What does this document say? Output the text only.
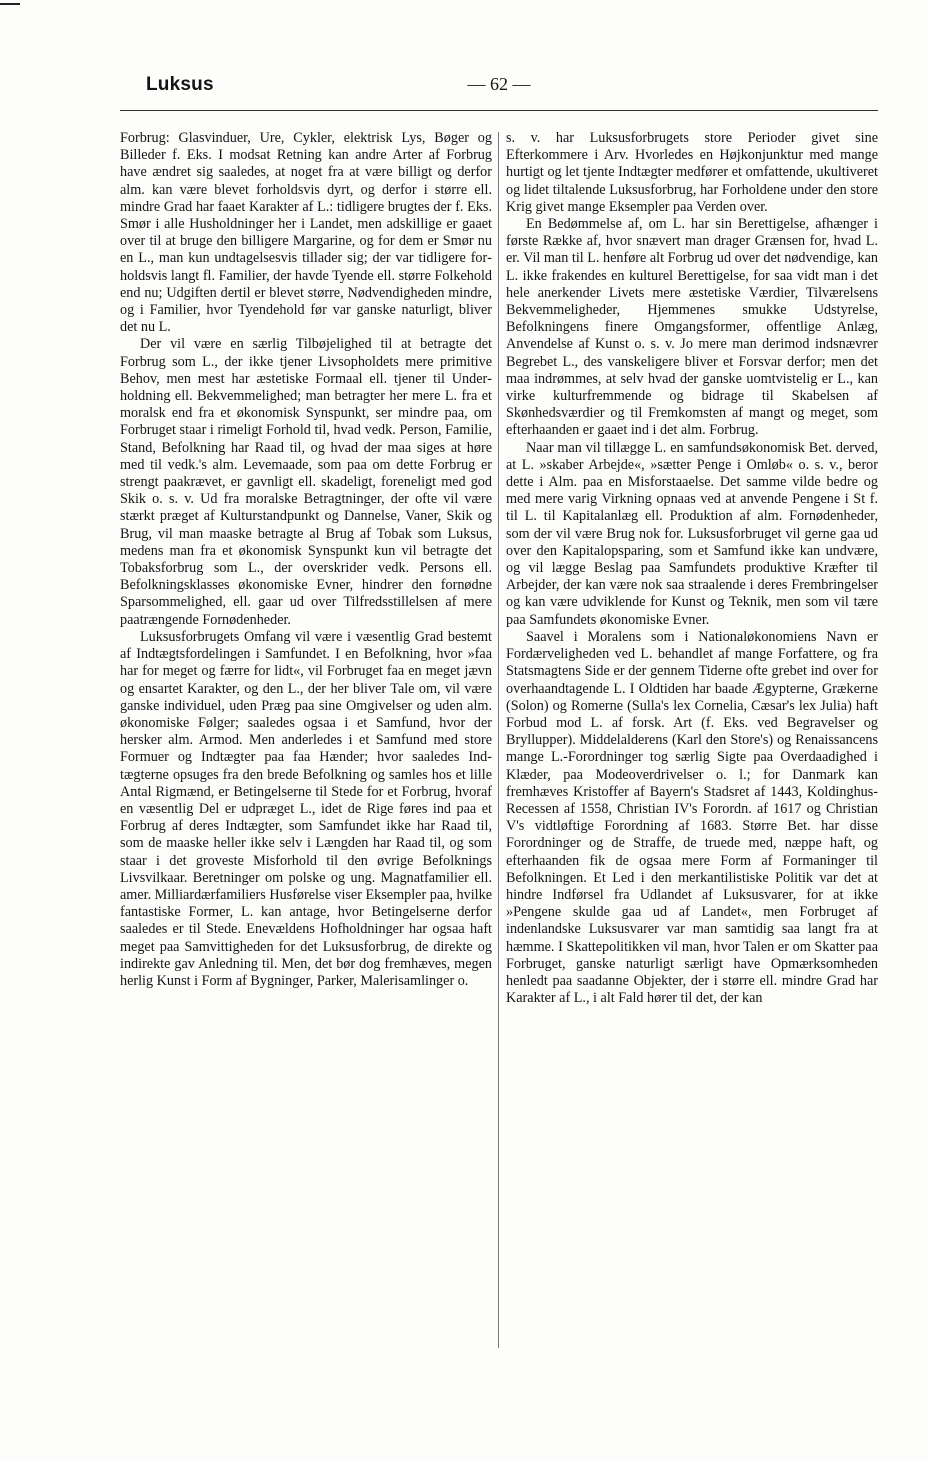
Luksus	— 62 —

Forbrug: Glasvinduer, Ure, Cykler, elektrisk Lys, Bøger og Billeder f. Eks. I modsat Retning kan andre Arter af Forbrug have ændret sig saaledes, at noget fra at være billigt og derfor alm. kan være blevet forholdsvis dyrt, og derfor i større ell. mindre Grad har faaet Karakter af L.: tidligere brugtes der f. Eks. Smør i alle Husholdninger her i Landet, men adskillige er gaaet over til at bruge den billigere Margarine, og for dem er Smør nu en L., man kun undtagelsesvis tillader sig; der var tidligere forholdsvis langt fl. Familier, der havde Tyende ell. større Folkehold end nu; Udgiften dertil er blevet større, Nødvendigheden mindre, og i Familier, hvor Tyendehold før var ganske naturligt, bliver det nu L.

Der vil være en særlig Tilbøjelighed til at betragte det Forbrug som L., der ikke tjener Livsopholdets mere primitive Behov, men mest har æstetiske Formaal ell. tjener til Underholdning ell. Bekvemmelighed; man betragter her mere L. fra et moralsk end fra et økonomisk Synspunkt, ser mindre paa, om Forbruget staar i rimeligt Forhold til, hvad vedk. Person, Familie, Stand, Befolkning har Raad til, og hvad der maa siges at høre med til vedk.'s alm. Levemaade, som paa om dette Forbrug er strengt paakrævet, er gavnligt ell. skadeligt, foreneligt med god Skik o. s. v. Ud fra moralske Betragtninger, der ofte vil være stærkt præget af Kulturstandpunkt og Dannelse, Vaner, Skik og Brug, vil man maaske betragte al Brug af Tobak som Luksus, medens man fra et økonomisk Synspunkt kun vil betragte det Tobaksforbrug som L., der overskrider vedk. Persons ell. Befolkningsklasses økonomiske Evner, hindrer den fornødne Sparsommelighed, ell. gaar ud over Tilfredsstillelsen af mere paatrængende Fornødenheder.

Luksusforbrugets Omfang vil være i væsentlig Grad bestemt af Indtægtsfordelingen i Samfundet. I en Befolkning, hvor »faa har for meget og færre for lidt«, vil Forbruget faa en meget jævn og ensartet Karakter, og den L., der her bliver Tale om, vil være ganske individuel, uden Præg paa sine Omgivelser og uden alm. økonomiske Følger; saaledes ogsaa i et Samfund, hvor der hersker alm. Armod. Men anderledes i et Samfund med store Formuer og Indtægter paa faa Hænder; hvor saaledes Indtægterne opsuges fra den brede Befolkning og samles hos et lille Antal Rigmænd, er Betingelserne til Stede for et Forbrug, hvoraf en væsentlig Del er udpræget L., idet de Rige føres ind paa et Forbrug af deres Indtægter, som Samfundet ikke har Raad til, som de maaske heller ikke selv i Længden har Raad til, og som staar i det groveste Misforhold til den øvrige Befolknings Livsvilkaar. Beretninger om polske og ung. Magnatfamilier ell. amer. Milliardærfamiliers Husførelse viser Eksempler paa, hvilke fantastiske Former, L. kan antage, hvor Betingelserne derfor saaledes er til Stede. Enevældens Hofholdninger har ogsaa haft meget paa Samvittigheden for det Luksusforbrug, de direkte og indirekte gav Anledning til. Men, det bør dog fremhæves, megen herlig Kunst i Form af Bygninger, Parker, Malerisamlinger o.

s. v. har Luksusforbrugets store Perioder givet sine Efterkommere i Arv. Hvorledes en Højkonjunktur med mange hurtigt og let tjente Indtægter medfører et omfattende, ukultiveret og lidet tiltalende Luksusforbrug, har Forholdene under den store Krig givet mange Eksempler paa Verden over.

En Bedømmelse af, om L. har sin Berettigelse, afhænger i første Række af, hvor snævert man drager Grænsen for, hvad L. er. Vil man til L. henføre alt Forbrug ud over det nødvendige, kan L. ikke frakendes en kulturel Berettigelse, for saa vidt man i det hele anerkender Livets mere æstetiske Værdier, Tilværelsens Bekvemmeligheder, Hjemmenes smukke Udstyrelse, Befolkningens finere Omgangsformer, offentlige Anlæg, Anvendelse af Kunst o. s. v. Jo mere man derimod indsnævrer Begrebet L., des vanskeligere bliver et Forsvar derfor; men det maa indrømmes, at selv hvad der ganske uomtvistelig er L., kan virke kulturfremmende og bidrage til Skabelsen af Skønhedsværdier og til Fremkomsten af mangt og meget, som efterhaanden er gaaet ind i det alm. Forbrug.

Naar man vil tillægge L. en samfundsøkonomisk Bet. derved, at L. »skaber Arbejde«, »sætter Penge i Omløb« o. s. v., beror dette i Alm. paa en Misforstaaelse. Det samme vilde bedre og med mere varig Virkning opnaas ved at anvende Pengene i St f. til L. til Kapitalanlæg ell. Produktion af alm. Fornødenheder, som der vil være Brug nok for. Luksusforbruget vil gerne gaa ud over den Kapitalopsparing, som et Samfund ikke kan undvære, og vil lægge Beslag paa Samfundets produktive Kræfter til Arbejder, der kan være nok saa straalende i deres Frembringelser og kan være udviklende for Kunst og Teknik, men som vil tære paa Samfundets økonomiske Evner.

Saavel i Moralens som i Nationaløkonomiens Navn er Fordærveligheden ved L. behandlet af mange Forfattere, og fra Statsmagtens Side er der gennem Tiderne ofte grebet ind over for overhaandtagende L. I Oldtiden har baade Ægypterne, Grækerne (Solon) og Romerne (Sulla's lex Cornelia, Cæsar's lex Julia) haft Forbud mod L. af forsk. Art (f. Eks. ved Begravelser og Bryllupper). Middelalderens (Karl den Store's) og Renaissancens mange L.-Forordninger tog særlig Sigte paa Overdaadighed i Klæder, paa Modeoverdrivelser o. l.; for Danmark kan fremhæves Kristoffer af Bayern's Stadsret af 1443, Koldinghus-Recessen af 1558, Christian IV's Forordn. af 1617 og Christian V's vidtløftige Forordning af 1683. Større Bet. har disse Forordninger og de Straffe, de truede med, næppe haft, og efterhaanden fik de ogsaa mere Form af Formaninger til Befolkningen. Et Led i den merkantilistiske Politik var det at hindre Indførsel fra Udlandet af Luksusvarer, for at ikke »Pengene skulde gaa ud af Landet«, men Forbruget af indenlandske Luksusvarer var man samtidig saa langt fra at hæmme. I Skattepolitikken vil man, hvor Talen er om Skatter paa Forbruget, ganske naturligt særligt have Opmærksomheden henledt paa saadanne Objekter, der i større ell. mindre Grad har Karakter af L., i alt Fald hører til det, der kan
